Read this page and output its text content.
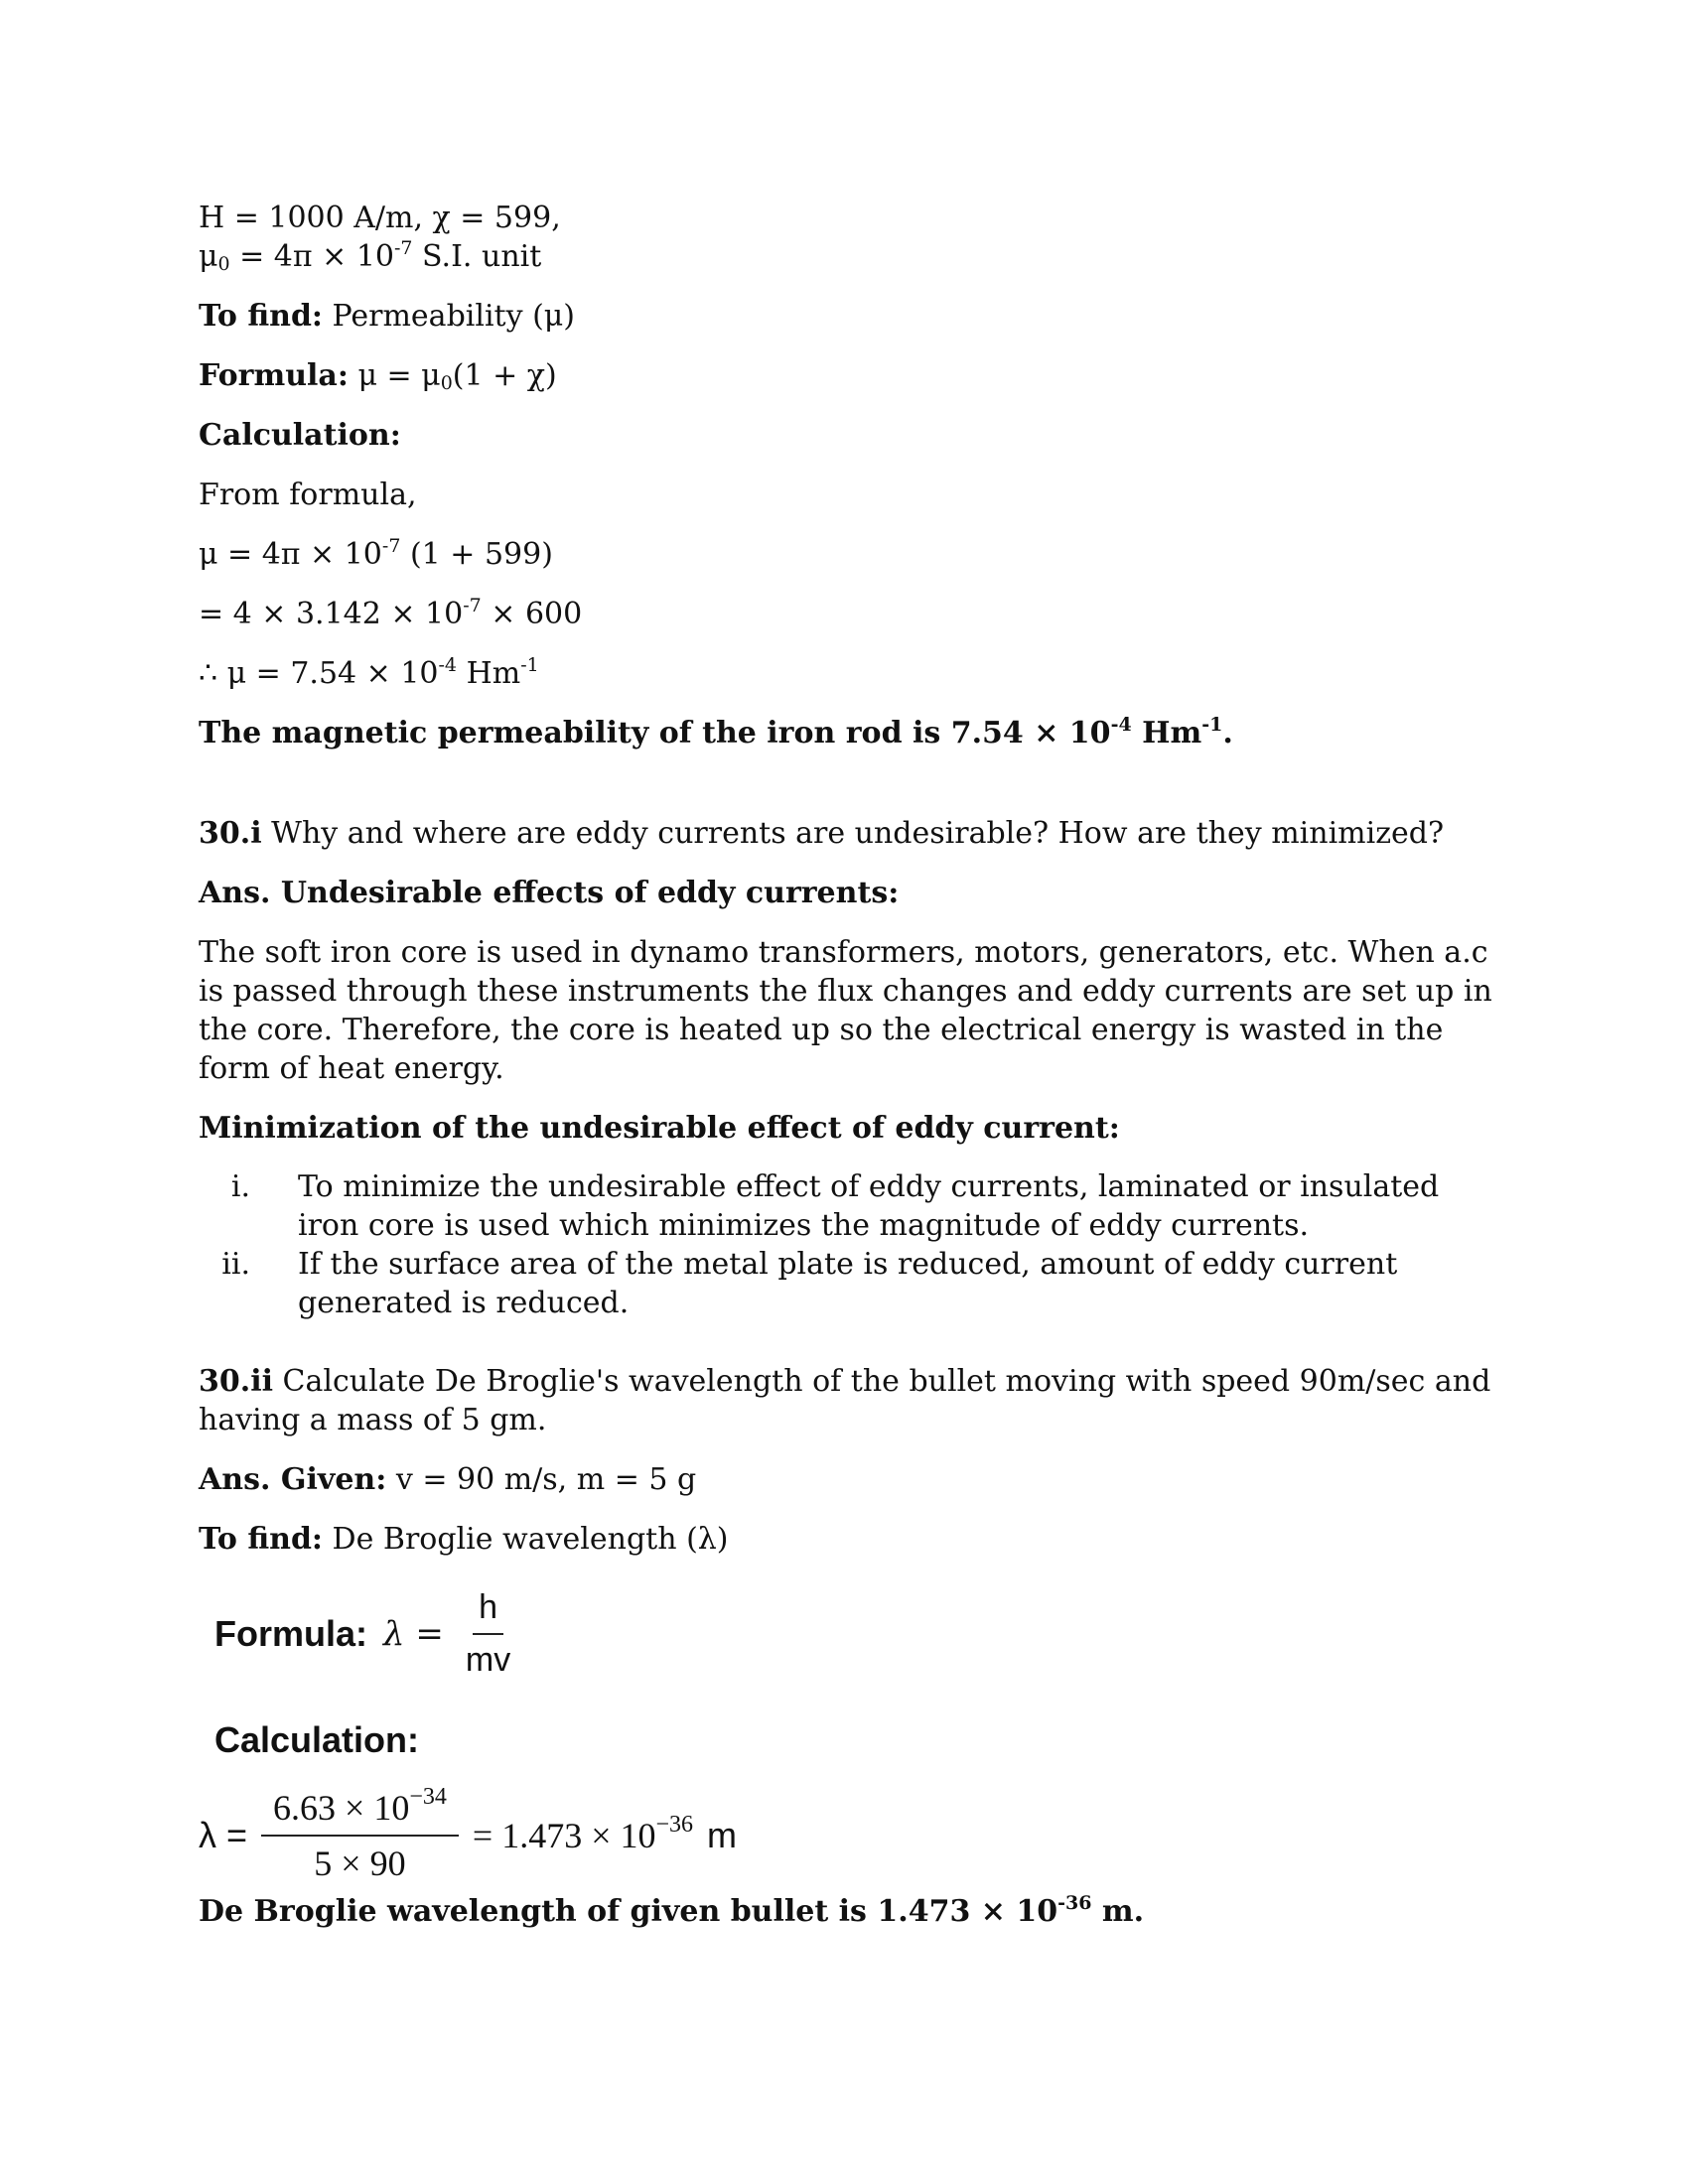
H = 1000 A/m, χ = 599,

$\mu_0 = 4\pi \times 10^{-7}$ S.I. unit

To find: Permeability (μ)

Formula: $\mu = \mu_0(1 + \chi)$

Calculation:

From formula,

$\mu = 4\pi \times 10^{-7}$ (1 + 599)

= $4 \times 3.142 \times 10^{-7} \times 600$

∴ $\mu = 7.54 \times 10^{-4}$ $Hm^{-1}$

The magnetic permeability of the iron rod is $7.54 \times 10^{-4}$ $Hm^{-1}$.

30.i Why and where are eddy currents are undesirable? How are they minimized?

Ans. Undesirable effects of eddy currents:

The soft iron core is used in dynamo transformers, motors, generators, etc. When a.c is passed through these instruments the flux changes and eddy currents are set up in the core. Therefore, the core is heated up so the electrical energy is wasted in the form of heat energy.

Minimization of the undesirable effect of eddy current:

i. To minimize the undesirable effect of eddy currents, laminated or insulated iron core is used which minimizes the magnitude of eddy currents.
ii. If the surface area of the metal plate is reduced, amount of eddy current generated is reduced.

30.ii Calculate De Broglie's wavelength of the bullet moving with speed 90m/sec and having a mass of 5 gm.

Ans. Given: v = 90 m/s, m = 5 g

To find: De Broglie wavelength (λ)

Formula: $\lambda = \frac{h}{mv}$
Calculation:
$\lambda = \frac{6.63 \times 10^{-34}}{5 \times 90} = 1.473 \times 10^{-36}$ m

De Broglie wavelength of given bullet is $1.473 \times 10^{-36}$ m.
